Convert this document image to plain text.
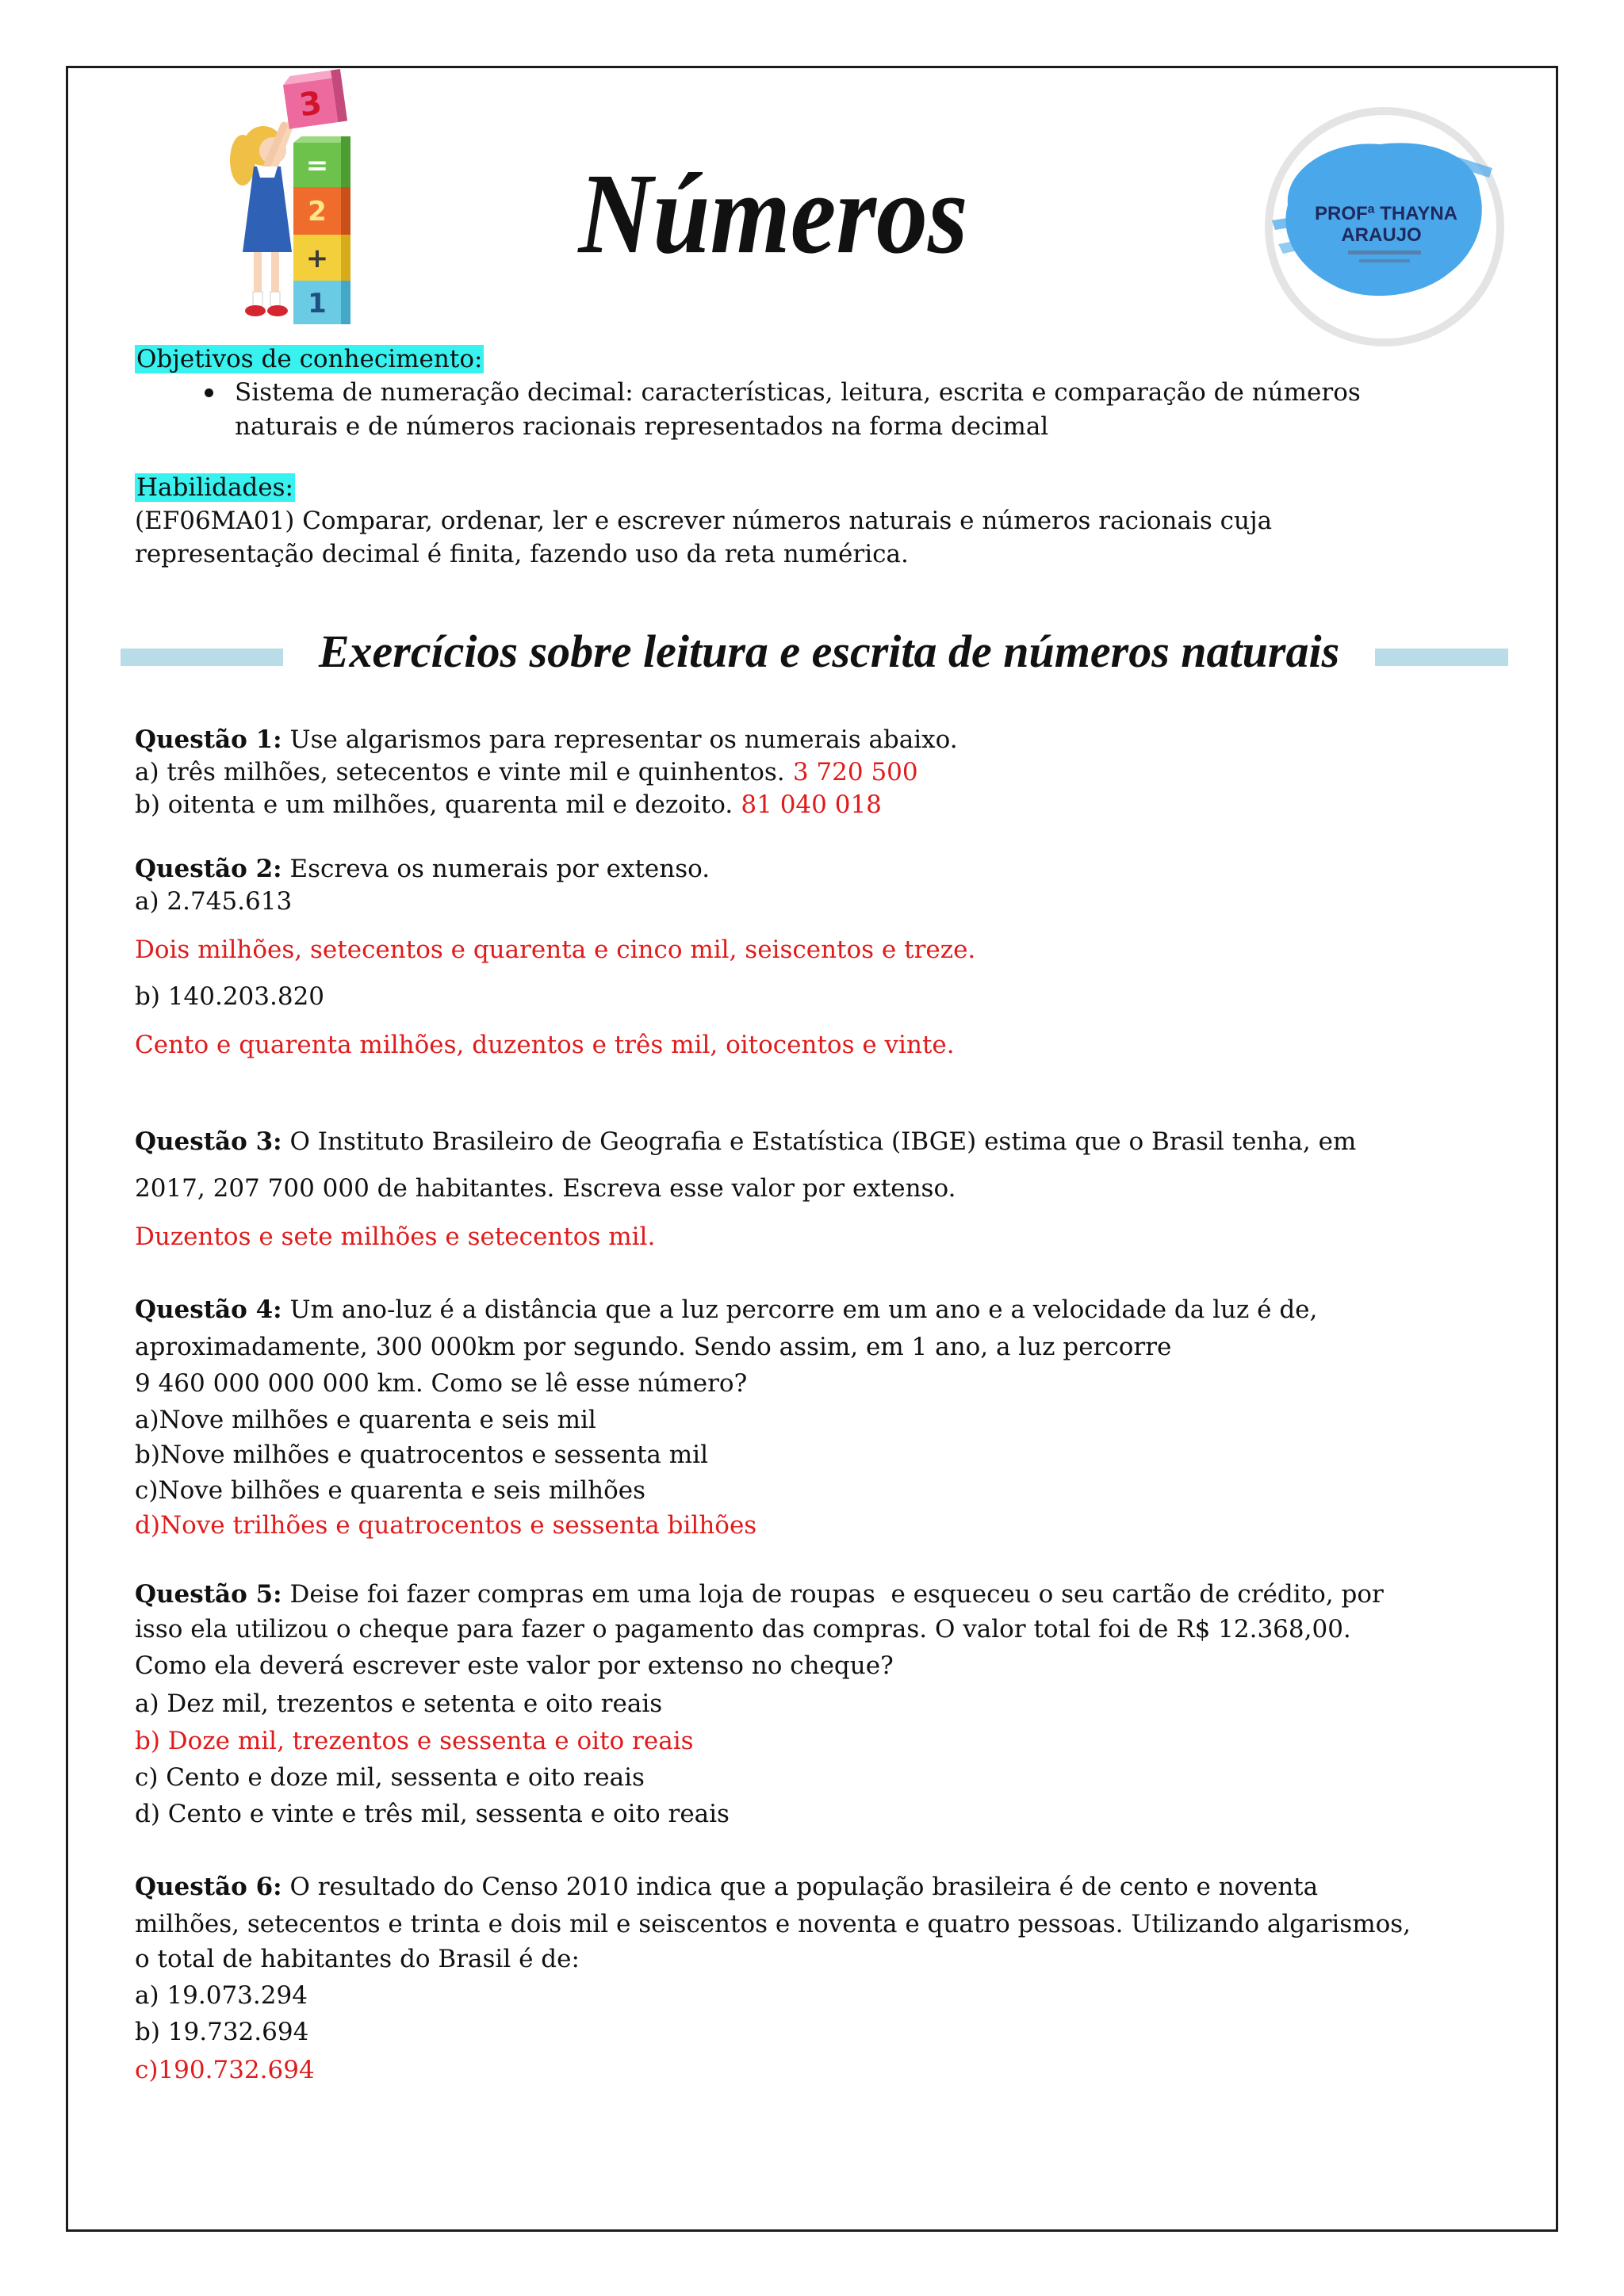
1
+
2
=
3
Números	PROFª THAYNA
ARAUJO
Objetivos de conhecimento:
Sistema de numeração decimal: características, leitura, escrita e comparação de números
naturais e de números racionais representados na forma decimal
Habilidades:
(EF06MA01) Comparar, ordenar, ler e escrever números naturais e números racionais cuja
representação decimal é finita, fazendo uso da reta numérica.
Exercícios sobre leitura e escrita de números naturais
Questão 1: Use algarismos para representar os numerais abaixo.
a) três milhões, setecentos e vinte mil e quinhentos. 3 720 500
b) oitenta e um milhões, quarenta mil e dezoito. 81 040 018
Questão 2: Escreva os numerais por extenso.
a) 2.745.613
Dois milhões, setecentos e quarenta e cinco mil, seiscentos e treze.
b) 140.203.820
Cento e quarenta milhões, duzentos e três mil, oitocentos e vinte.
Questão 3: O Instituto Brasileiro de Geografia e Estatística (IBGE) estima que o Brasil tenha, em
2017, 207 700 000 de habitantes. Escreva esse valor por extenso.
Duzentos e sete milhões e setecentos mil.
Questão 4: Um ano-luz é a distância que a luz percorre em um ano e a velocidade da luz é de,
aproximadamente, 300 000km por segundo. Sendo assim, em 1 ano, a luz percorre
9 460 000 000 000 km. Como se lê esse número?
a)Nove milhões e quarenta e seis mil
b)Nove milhões e quatrocentos e sessenta mil
c)Nove bilhões e quarenta e seis milhões
d)Nove trilhões e quatrocentos e sessenta bilhões
Questão 5: Deise foi fazer compras em uma loja de roupas  e esqueceu o seu cartão de crédito, por
isso ela utilizou o cheque para fazer o pagamento das compras. O valor total foi de R$ 12.368,00.
Como ela deverá escrever este valor por extenso no cheque?
a) Dez mil, trezentos e setenta e oito reais
b) Doze mil, trezentos e sessenta e oito reais
c) Cento e doze mil, sessenta e oito reais
d) Cento e vinte e três mil, sessenta e oito reais
Questão 6: O resultado do Censo 2010 indica que a população brasileira é de cento e noventa
milhões, setecentos e trinta e dois mil e seiscentos e noventa e quatro pessoas. Utilizando algarismos,
o total de habitantes do Brasil é de:
a) 19.073.294
b) 19.732.694
c)190.732.694
